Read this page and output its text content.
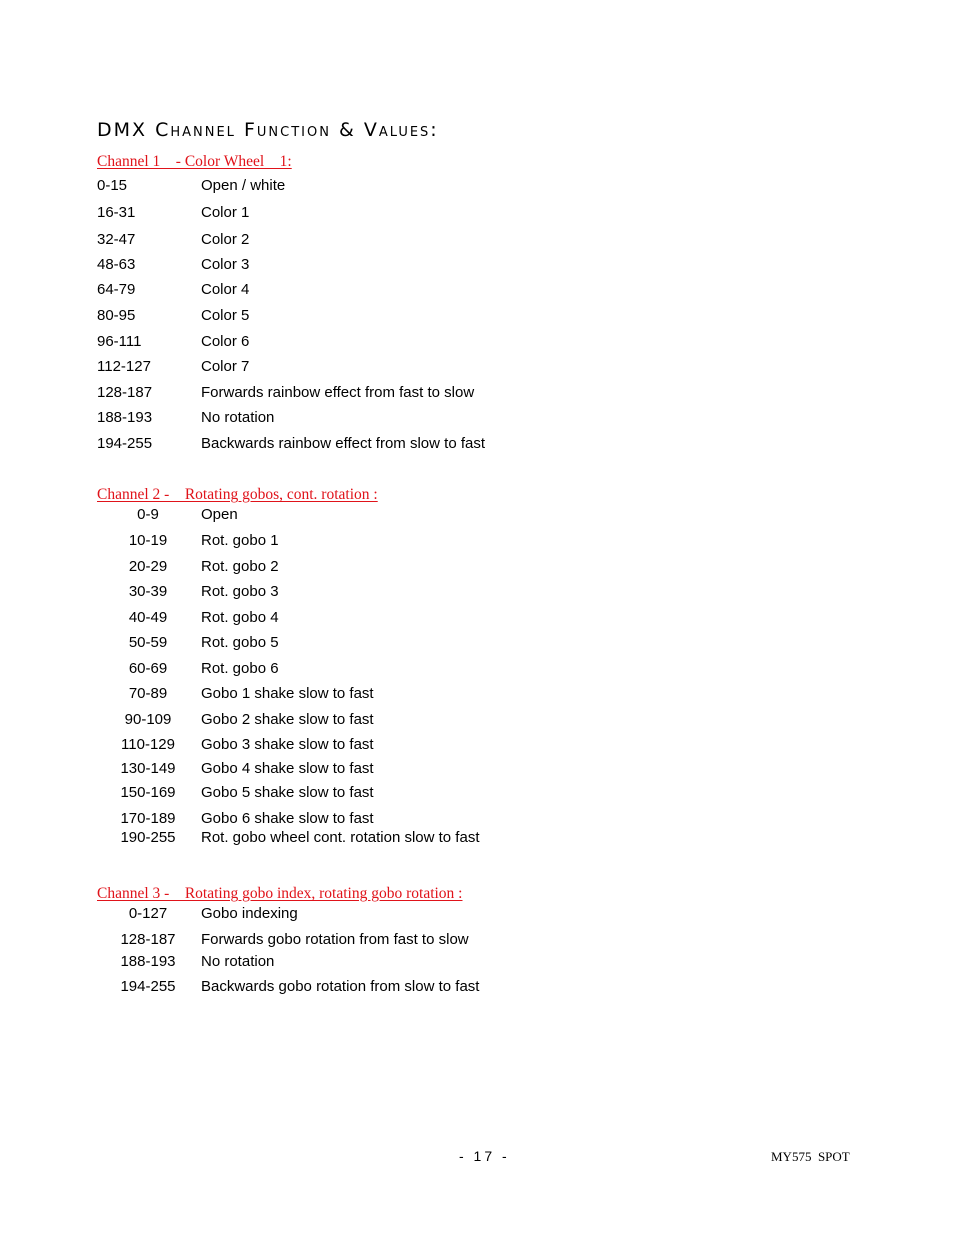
DMX Channel Function & Values:
Channel 1    - Color Wheel    1:
0-15	Open / white
16-31	Color 1
32-47	Color 2
48-63	Color 3
64-79	Color 4
80-95	Color 5
96-111	Color 6
112-127	Color 7
128-187	Forwards rainbow effect from fast to slow
188-193	No rotation
194-255	Backwards rainbow effect from slow to fast
Channel 2 -    Rotating gobos, cont. rotation :
0-9	Open
10-19	Rot. gobo 1
20-29	Rot. gobo 2
30-39	Rot. gobo 3
40-49	Rot. gobo 4
50-59	Rot. gobo 5
60-69	Rot. gobo 6
70-89	Gobo 1 shake slow to fast
90-109	Gobo 2 shake slow to fast
110-129	Gobo 3 shake slow to fast
130-149	Gobo 4 shake slow to fast
150-169	Gobo 5 shake slow to fast
170-189	Gobo 6 shake slow to fast
190-255	Rot. gobo wheel cont. rotation slow to fast
Channel 3 -    Rotating gobo index, rotating gobo rotation :
0-127	Gobo indexing
128-187	Forwards gobo rotation from fast to slow
188-193	No rotation
194-255	Backwards gobo rotation from slow to fast
- 17 -	MY575  SPOT
